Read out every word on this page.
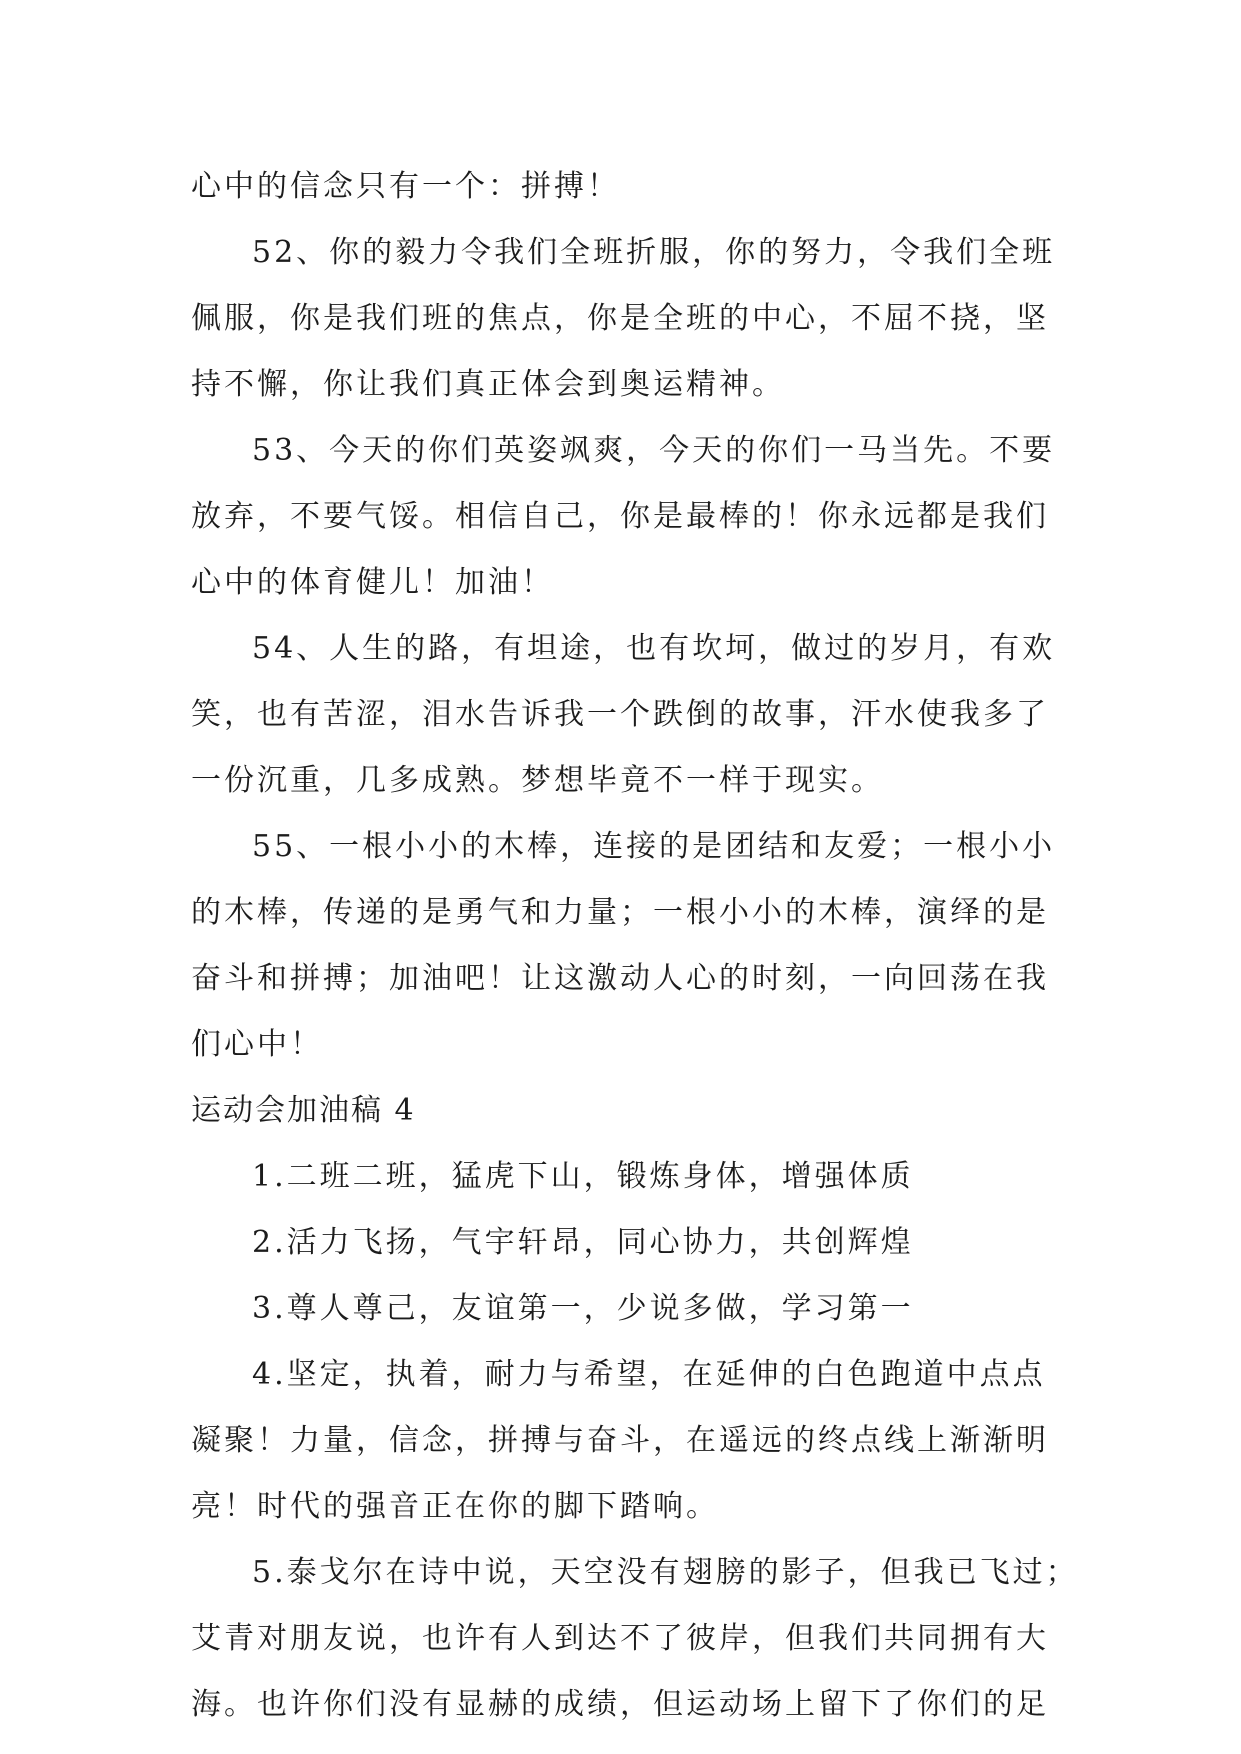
心中的信念只有一个：拼搏！
52、你的毅力令我们全班折服，你的努力，令我们全班
佩服，你是我们班的焦点，你是全班的中心，不屈不挠，坚
持不懈，你让我们真正体会到奥运精神。
53、今天的你们英姿飒爽，今天的你们一马当先。不要
放弃，不要气馁。相信自己，你是最棒的！你永远都是我们
心中的体育健儿！加油！
54、人生的路，有坦途，也有坎坷，做过的岁月，有欢
笑，也有苦涩，泪水告诉我一个跌倒的故事，汗水使我多了
一份沉重，几多成熟。梦想毕竟不一样于现实。
55、一根小小的木棒，连接的是团结和友爱；一根小小
的木棒，传递的是勇气和力量；一根小小的木棒，演绎的是
奋斗和拼搏；加油吧！让这激动人心的时刻，一向回荡在我
们心中！
运动会加油稿 4
1.二班二班，猛虎下山，锻炼身体，增强体质
2.活力飞扬，气宇轩昂，同心协力，共创辉煌
3.尊人尊己，友谊第一，少说多做，学习第一
4.坚定，执着，耐力与希望，在延伸的白色跑道中点点
凝聚！力量，信念，拼搏与奋斗，在遥远的终点线上渐渐明
亮！时代的强音正在你的脚下踏响。
5.泰戈尔在诗中说，天空没有翅膀的影子，但我已飞过；
艾青对朋友说，也许有人到达不了彼岸，但我们共同拥有大
海。也许你们没有显赫的成绩，但运动场上留下了你们的足
